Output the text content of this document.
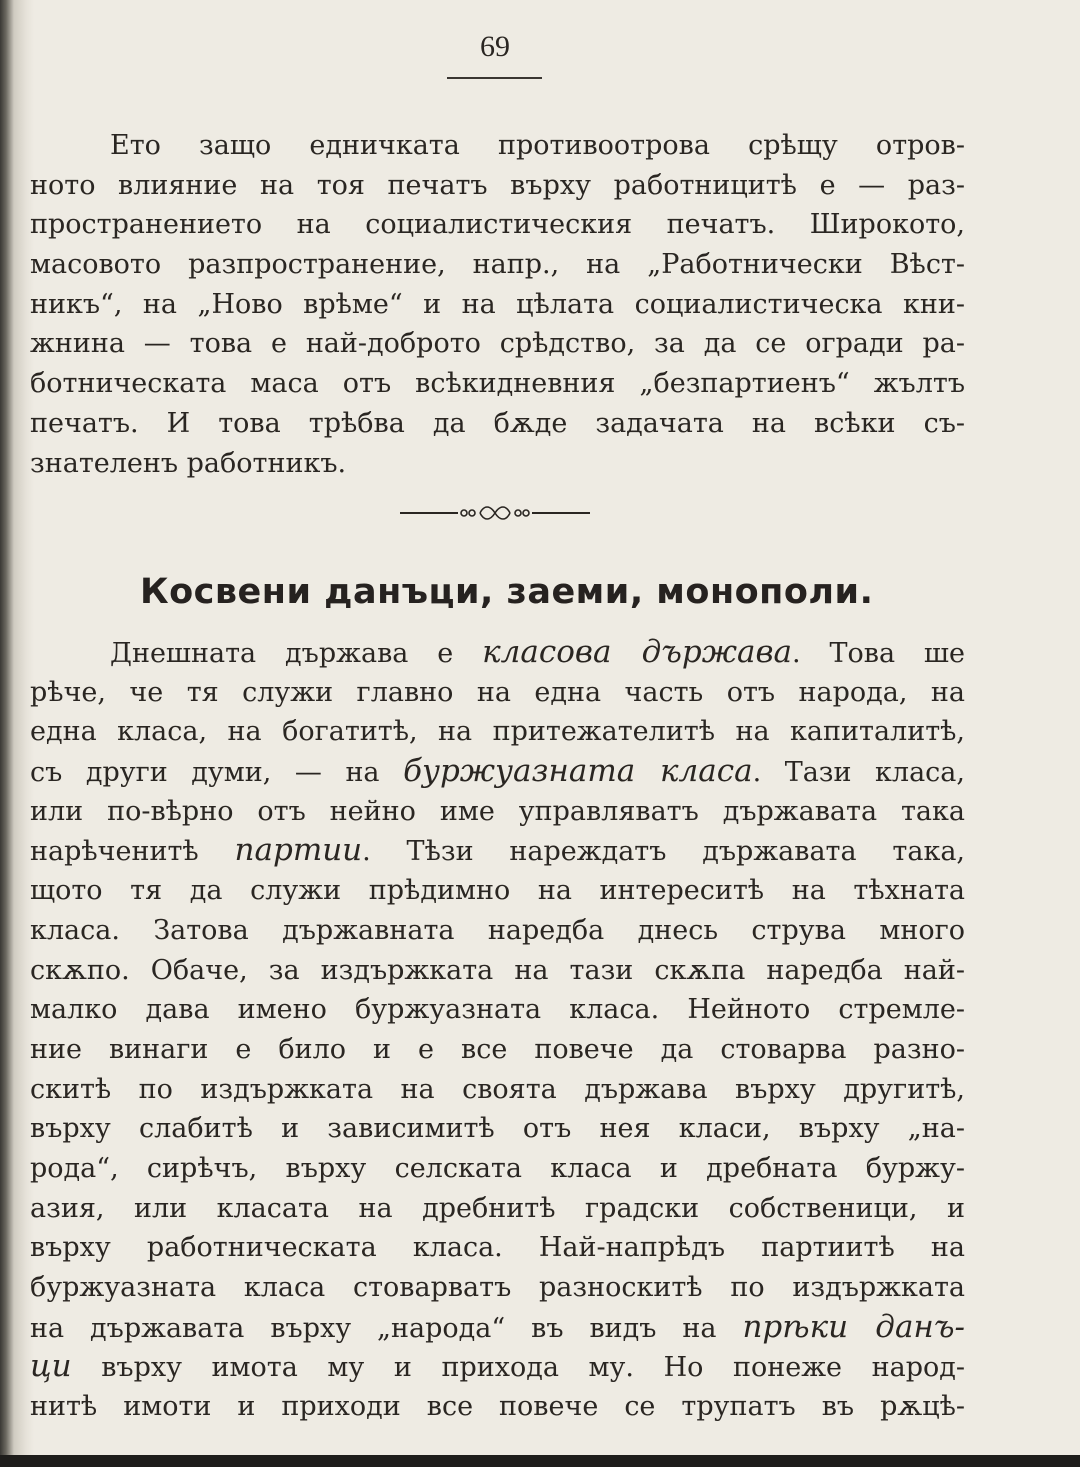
69
Ето защо едничката противоотрова срѣщу отров-
ното влияние на тоя печатъ върху работницитѣ е — раз-
пространението на социалистическия печатъ. Широкото,
масовото разпространение, напр., на „Работнически Вѣст-
никъ“, на „Ново врѣме“ и на цѣлата социалистическа кни-
жнина — това е най-доброто срѣдство, за да се огради ра-
ботническата маса отъ всѣкидневния „безпартиенъ“ жълтъ
печатъ. И това трѣбва да бѫде задачата на всѣки съ-
знателенъ работникъ.
Косвени данъци, заеми, монополи.
Днешната държава е класова държава. Това ше
рѣче, че тя служи главно на една часть отъ народа, на
една класа, на богатитѣ, на притежателитѣ на капиталитѣ,
съ други думи, — на буржуазната класа. Тази класа,
или по-вѣрно отъ нейно име управляватъ държавата така
нарѣченитѣ партии. Тѣзи нареждатъ държавата така,
щото тя да служи прѣдимно на интереситѣ на тѣхната
класа. Затова държавната наредба днесь струва много
скѫпо. Обаче, за издържката на тази скѫпа наредба най-
малко дава имено буржуазната класа. Нейното стремле-
ние винаги е било и е все повече да стоварва разно-
скитѣ по издържката на своята държава върху другитѣ,
върху слабитѣ и зависимитѣ отъ нея класи, върху „на-
рода“, сирѣчъ, върху селската класа и дребната буржу-
азия, или класата на дребнитѣ градски собственици, и
върху работническата класа. Най-напрѣдъ партиитѣ на
буржуазната класа стоварватъ разноскитѣ по издържката
на държавата върху „народа“ въ видъ на прѣки данъ-
ци върху имота му и прихода му. Но понеже народ-
нитѣ имоти и приходи все повече се трупатъ въ рѫцѣ-
